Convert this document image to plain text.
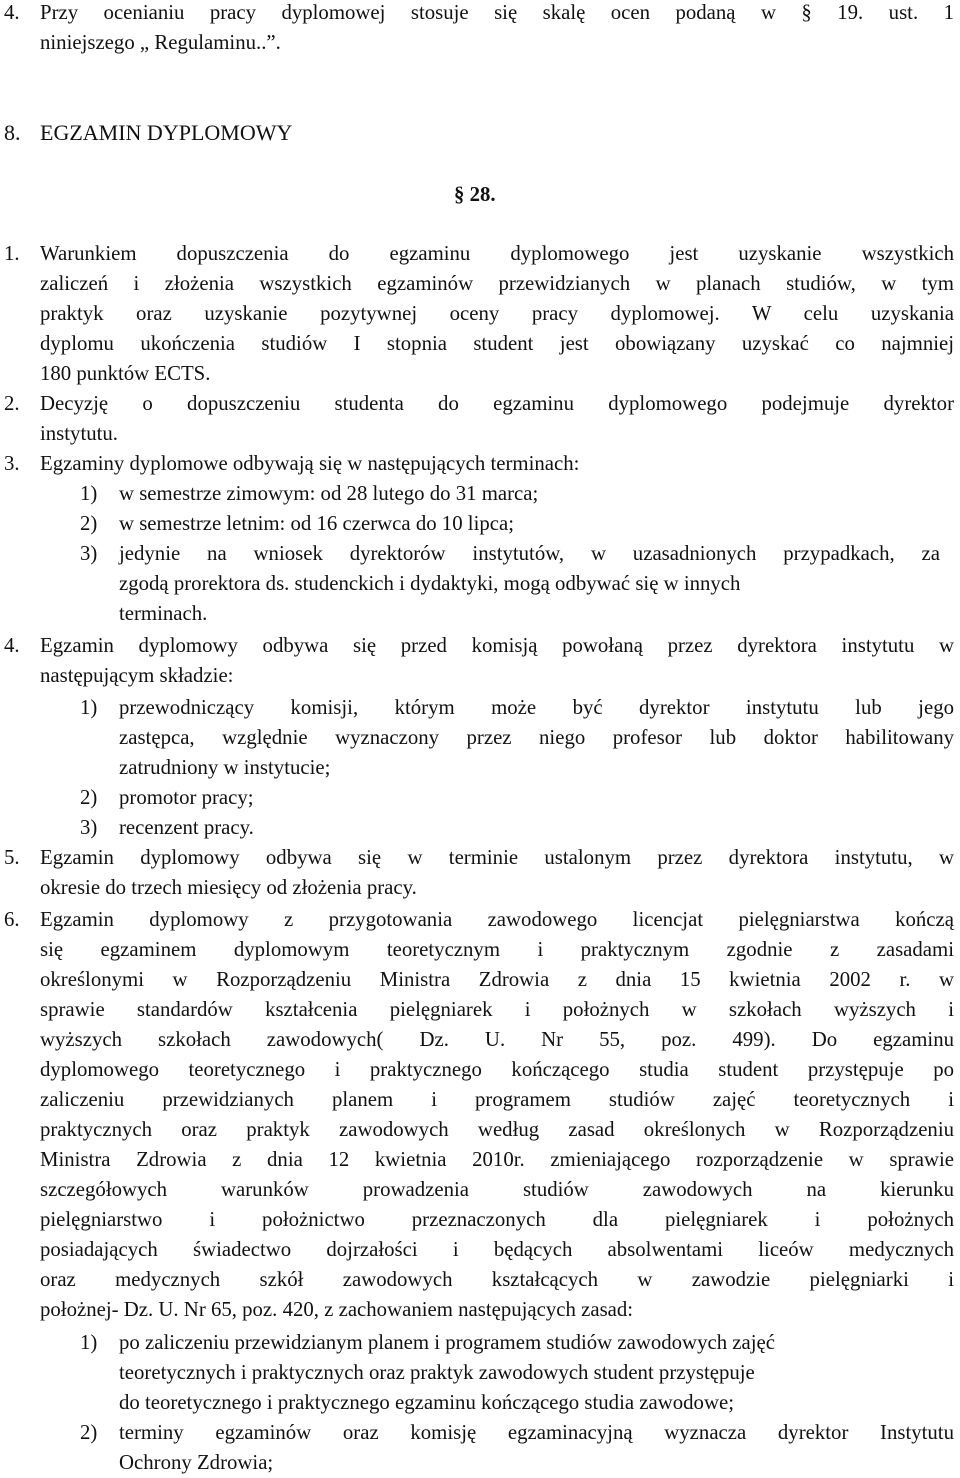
4. Przy ocenianiu pracy dyplomowej stosuje się skalę ocen podaną w § 19. ust. 1
niniejszego „ Regulaminu..”.
8. EGZAMIN DYPLOMOWY
§ 28.
1. Warunkiem dopuszczenia do egzaminu dyplomowego jest uzyskanie wszystkich
zaliczeń i złożenia wszystkich egzaminów przewidzianych w planach studiów, w tym
praktyk oraz uzyskanie pozytywnej oceny pracy dyplomowej. W celu uzyskania
dyplomu ukończenia studiów I stopnia student jest obowiązany uzyskać co najmniej
180 punktów ECTS.
2. Decyzję o dopuszczeniu studenta do egzaminu dyplomowego podejmuje dyrektor
instytutu.
3. Egzaminy dyplomowe odbywają się w następujących terminach:
1) w semestrze zimowym: od 28 lutego do 31 marca;
2) w semestrze letnim: od 16 czerwca do 10 lipca;
3) jedynie na wniosek dyrektorów instytutów, w uzasadnionych przypadkach, za
zgodą prorektora ds. studenckich i dydaktyki, mogą odbywać się w innych
terminach.
4. Egzamin dyplomowy odbywa się przed komisją powołaną przez dyrektora instytutu w
następującym składzie:
1) przewodniczący komisji, którym może być dyrektor instytutu lub jego
zastępca, względnie wyznaczony przez niego profesor lub doktor habilitowany
zatrudniony w instytucie;
2) promotor pracy;
3) recenzent pracy.
5. Egzamin dyplomowy odbywa się w terminie ustalonym przez dyrektora instytutu, w
okresie do trzech miesięcy od złożenia pracy.
6. Egzamin dyplomowy z przygotowania zawodowego licencjat pielęgniarstwa kończą
się egzaminem dyplomowym teoretycznym i praktycznym zgodnie z zasadami
określonymi w Rozporządzeniu Ministra Zdrowia z dnia 15 kwietnia 2002 r. w
sprawie standardów kształcenia pielęgniarek i położnych w szkołach wyższych i
wyższych szkołach zawodowych( Dz. U. Nr 55, poz. 499). Do egzaminu
dyplomowego teoretycznego i praktycznego kończącego studia student przystępuje po
zaliczeniu przewidzianych planem i programem studiów zajęć teoretycznych i
praktycznych oraz praktyk zawodowych według zasad określonych w Rozporządzeniu
Ministra Zdrowia z dnia 12 kwietnia 2010r. zmieniającego rozporządzenie w sprawie
szczegółowych warunków prowadzenia studiów zawodowych na kierunku
pielęgniarstwo i położnictwo przeznaczonych dla pielęgniarek i położnych
posiadających świadectwo dojrzałości i będących absolwentami liceów medycznych
oraz medycznych szkół zawodowych kształcących w zawodzie pielęgniarki i
położnej- Dz. U. Nr 65, poz. 420, z zachowaniem następujących zasad:
1) po zaliczeniu przewidzianym planem i programem studiów zawodowych zajęć
teoretycznych i praktycznych oraz praktyk zawodowych student przystępuje
do teoretycznego i praktycznego egzaminu kończącego studia zawodowe;
2) terminy egzaminów oraz komisję egzaminacyjną wyznacza dyrektor Instytutu
Ochrony Zdrowia;
